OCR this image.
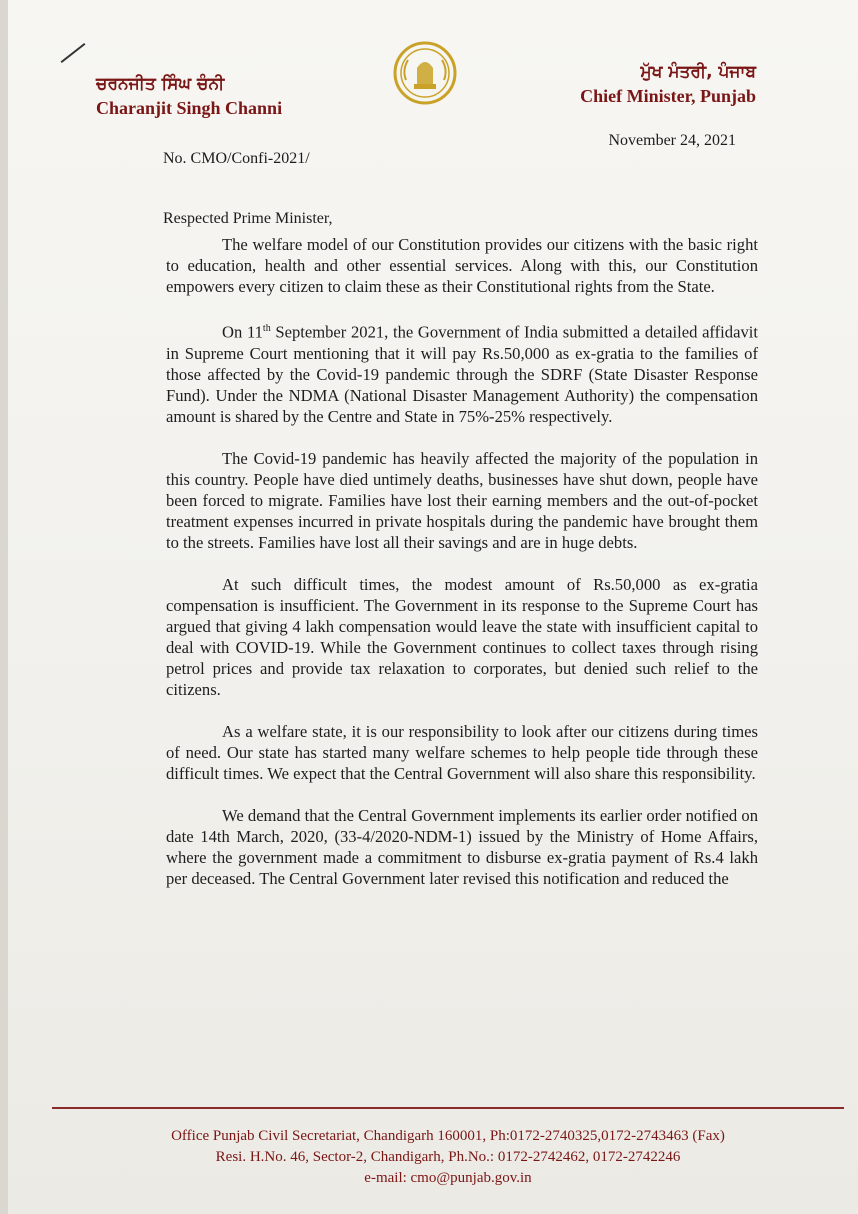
ਚਰਨਜੀਤ ਸਿੰਘ ਚੰਨੀ
Charanjit Singh Channi
ਮੁੱਖ ਮੰਤਰੀ, ਪੰਜਾਬ
Chief Minister, Punjab
November 24, 2021
No. CMO/Confi-2021/
Respected Prime Minister,

The welfare model of our Constitution provides our citizens with the basic right to education, health and other essential services. Along with this, our Constitution empowers every citizen to claim these as their Constitutional rights from the State.

On 11th September 2021, the Government of India submitted a detailed affidavit in Supreme Court mentioning that it will pay Rs.50,000 as ex-gratia to the families of those affected by the Covid-19 pandemic through the SDRF (State Disaster Response Fund). Under the NDMA (National Disaster Management Authority) the compensation amount is shared by the Centre and State in 75%-25% respectively.

The Covid-19 pandemic has heavily affected the majority of the population in this country. People have died untimely deaths, businesses have shut down, people have been forced to migrate. Families have lost their earning members and the out-of-pocket treatment expenses incurred in private hospitals during the pandemic have brought them to the streets. Families have lost all their savings and are in huge debts.

At such difficult times, the modest amount of Rs.50,000 as ex-gratia compensation is insufficient. The Government in its response to the Supreme Court has argued that giving 4 lakh compensation would leave the state with insufficient capital to deal with COVID-19. While the Government continues to collect taxes through rising petrol prices and provide tax relaxation to corporates, but denied such relief to the citizens.

As a welfare state, it is our responsibility to look after our citizens during times of need. Our state has started many welfare schemes to help people tide through these difficult times. We expect that the Central Government will also share this responsibility.

We demand that the Central Government implements its earlier order notified on date 14th March, 2020, (33-4/2020-NDM-1) issued by the Ministry of Home Affairs, where the government made a commitment to disburse ex-gratia payment of Rs.4 lakh per deceased. The Central Government later revised this notification and reduced the

Office Punjab Civil Secretariat, Chandigarh 160001, Ph:0172-2740325,0172-2743463 (Fax)
Resi. H.No. 46, Sector-2, Chandigarh, Ph.No.: 0172-2742462, 0172-2742246
e-mail: cmo@punjab.gov.in
